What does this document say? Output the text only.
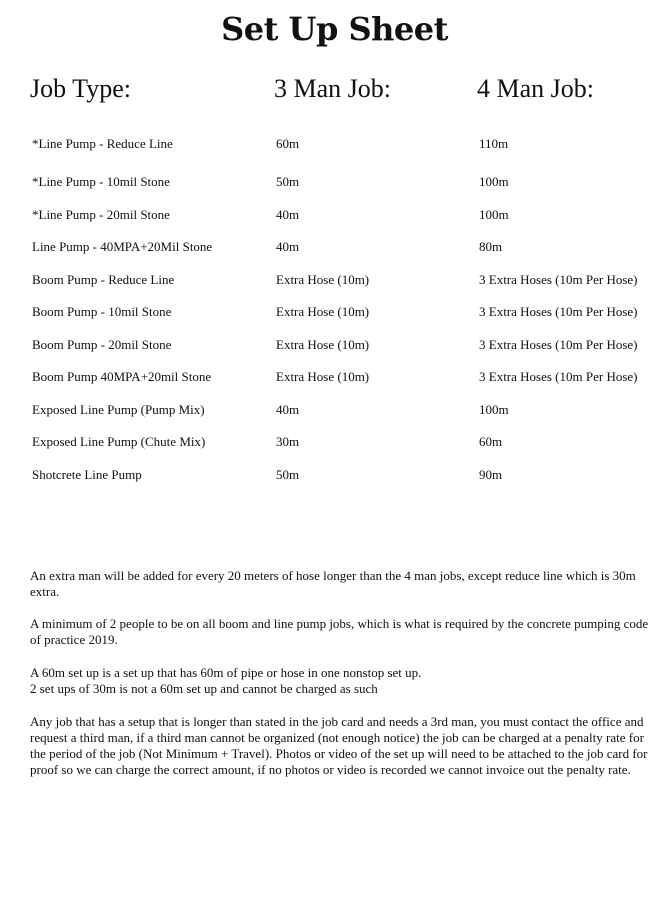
Set Up Sheet
Job Type:	3 Man Job:	4 Man Job:
*Line Pump - Reduce Line	60m	110m
*Line Pump - 10mil Stone	50m	100m
*Line Pump - 20mil Stone	40m	100m
Line Pump - 40MPA+20Mil Stone	40m	80m
Boom Pump - Reduce Line	Extra Hose (10m)	3 Extra Hoses (10m Per Hose)
Boom Pump - 10mil Stone	Extra Hose (10m)	3 Extra Hoses (10m Per Hose)
Boom Pump - 20mil Stone	Extra Hose (10m)	3 Extra Hoses (10m Per Hose)
Boom Pump 40MPA+20mil Stone	Extra Hose (10m)	3 Extra Hoses (10m Per Hose)
Exposed Line Pump (Pump Mix)	40m	100m
Exposed Line Pump (Chute Mix)	30m	60m
Shotcrete Line Pump	50m	90m

An extra man will be added for every 20 meters of hose longer than the 4 man jobs, except reduce line which is 30m extra.

A minimum of 2 people to be on all boom and line pump jobs, which is what is required by the concrete pumping code of practice 2019.

A 60m set up is a set up that has 60m of pipe or hose in one nonstop set up.

2 set ups of 30m is not a 60m set up and cannot be charged as such

Any job that has a setup that is longer than stated in the job card and needs a 3rd man, you must contact the office and request a third man, if a third man cannot be organized (not enough notice) the job can be charged at a penalty rate for the period of the job (Not Minimum + Travel). Photos or video of the set up will need to be attached to the job card for proof so we can charge the correct amount, if no photos or video is recorded we cannot invoice out the penalty rate.
